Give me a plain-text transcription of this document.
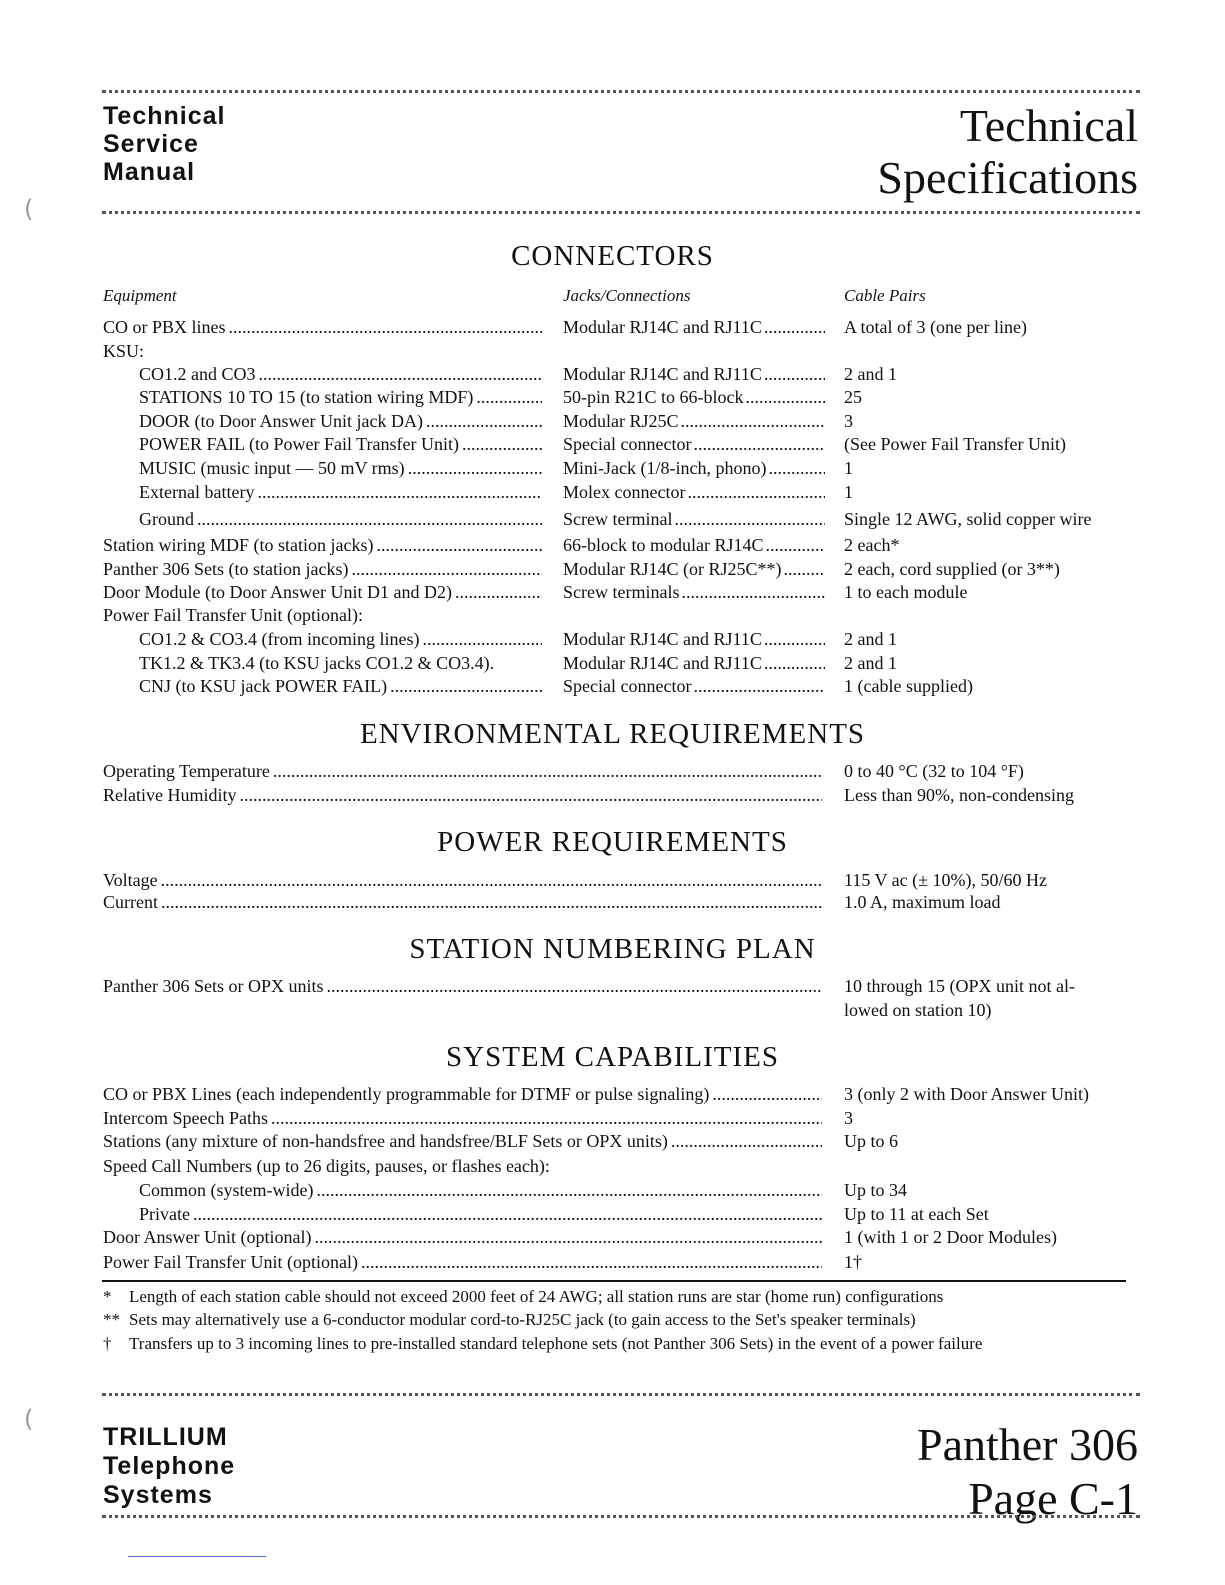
Technical
Service
Manual
Technical
Specifications
CONNECTORS
Equipment	Jacks/Connections	Cable Pairs
CO or PBX lines .....	Modular RJ14C and RJ11C .....	A total of 3 (one per line)
KSU:
CO1.2 and CO3 .....	Modular RJ14C and RJ11C .....	2 and 1
STATIONS 10 TO 15 (to station wiring MDF) .....	50-pin R21C to 66-block .....	25
DOOR (to Door Answer Unit jack DA) .....	Modular RJ25C .....	3
POWER FAIL (to Power Fail Transfer Unit) .....	Special connector .....	(See Power Fail Transfer Unit)
MUSIC (music input — 50 mV rms) .....	Mini-Jack (1/8-inch, phono) .....	1
External battery .....	Molex connector .....	1
Ground .....	Screw terminal .....	Single 12 AWG, solid copper wire
Station wiring MDF (to station jacks) .....	66-block to modular RJ14C .....	2 each*
Panther 306 Sets (to station jacks) .....	Modular RJ14C (or RJ25C**) .....	2 each, cord supplied (or 3**)
Door Module (to Door Answer Unit D1 and D2) .....	Screw terminals .....	1 to each module
Power Fail Transfer Unit (optional):
CO1.2 & CO3.4 (from incoming lines) .....	Modular RJ14C and RJ11C .....	2 and 1
TK1.2 & TK3.4 (to KSU jacks CO1.2 & CO3.4).	Modular RJ14C and RJ11C .....	2 and 1
CNJ (to KSU jack POWER FAIL) .....	Special connector .....	1 (cable supplied)
ENVIRONMENTAL REQUIREMENTS
Operating Temperature .....	0 to 40 °C (32 to 104 °F)
Relative Humidity .....	Less than 90%, non-condensing
POWER REQUIREMENTS
Voltage .....	115 V ac (± 10%), 50/60 Hz
Current .....	1.0 A, maximum load
STATION NUMBERING PLAN
Panther 306 Sets or OPX units .....	10 through 15 (OPX unit not al-
lowed on station 10)
SYSTEM CAPABILITIES
CO or PBX Lines (each independently programmable for DTMF or pulse signaling) .....	3 (only 2 with Door Answer Unit)
Intercom Speech Paths .....	3
Stations (any mixture of non-handsfree and handsfree/BLF Sets or OPX units) .....	Up to 6
Speed Call Numbers (up to 26 digits, pauses, or flashes each):
Common (system-wide) .....	Up to 34
Private .....	Up to 11 at each Set
Door Answer Unit (optional) .....	1 (with 1 or 2 Door Modules)
Power Fail Transfer Unit (optional) .....	1†
* Length of each station cable should not exceed 2000 feet of 24 AWG; all station runs are star (home run) configurations
** Sets may alternatively use a 6-conductor modular cord-to-RJ25C jack (to gain access to the Set's speaker terminals)
† Transfers up to 3 incoming lines to pre-installed standard telephone sets (not Panther 306 Sets) in the event of a power failure
TRILLIUM
Telephone
Systems
Panther 306
Page C-1
(
(
